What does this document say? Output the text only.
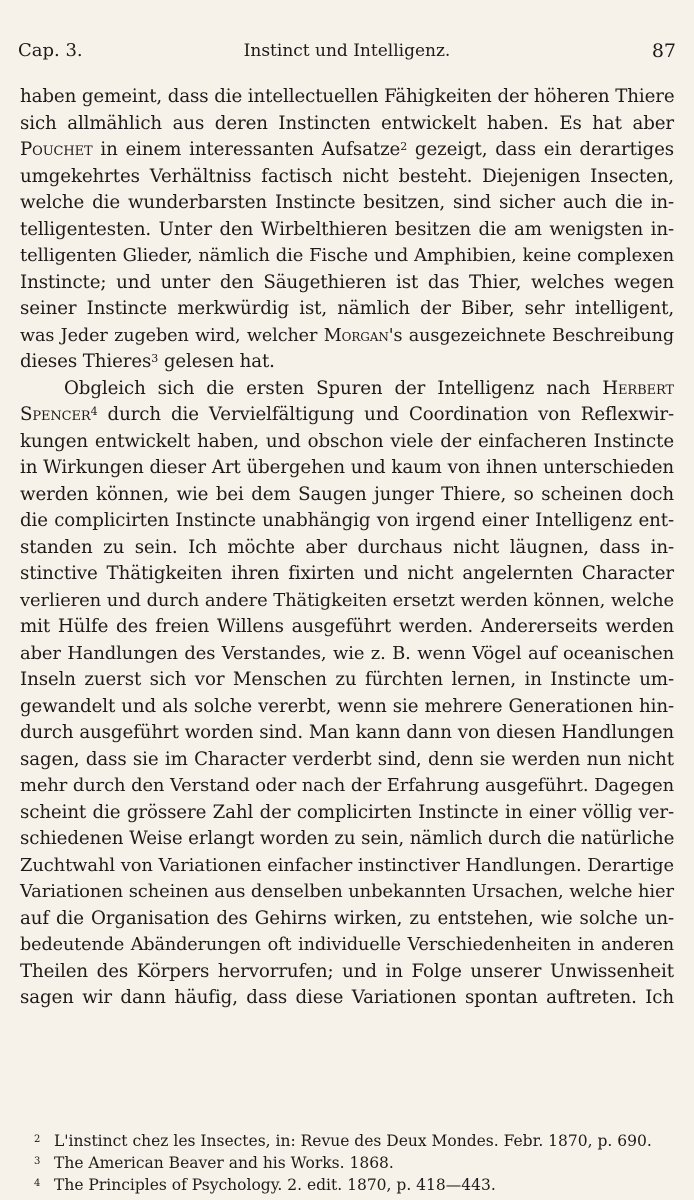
Cap. 3.	Instinct und Intelligenz.	87
haben gemeint, dass die intellectuellen Fähigkeiten der höheren Thiere
sich allmählich aus deren Instincten entwickelt haben. Es hat aber
Pouchet in einem interessanten Aufsatze$^2$ gezeigt, dass ein derartiges
umgekehrtes Verhältniss factisch nicht besteht. Diejenigen Insecten,
welche die wunderbarsten Instincte besitzen, sind sicher auch die in-
telligentesten. Unter den Wirbelthieren besitzen die am wenigsten in-
telligenten Glieder, nämlich die Fische und Amphibien, keine complexen
Instincte; und unter den Säugethieren ist das Thier, welches wegen
seiner Instincte merkwürdig ist, nämlich der Biber, sehr intelligent,
was Jeder zugeben wird, welcher Morgan's ausgezeichnete Beschreibung
dieses Thieres$^3$ gelesen hat.
Obgleich sich die ersten Spuren der Intelligenz nach Herbert
Spencer$^4$ durch die Vervielfältigung und Coordination von Reflexwir-
kungen entwickelt haben, und obschon viele der einfacheren Instincte
in Wirkungen dieser Art übergehen und kaum von ihnen unterschieden
werden können, wie bei dem Saugen junger Thiere, so scheinen doch
die complicirten Instincte unabhängig von irgend einer Intelligenz ent-
standen zu sein. Ich möchte aber durchaus nicht läugnen, dass in-
stinctive Thätigkeiten ihren fixirten und nicht angelernten Character
verlieren und durch andere Thätigkeiten ersetzt werden können, welche
mit Hülfe des freien Willens ausgeführt werden. Andererseits werden
aber Handlungen des Verstandes, wie z. B. wenn Vögel auf oceanischen
Inseln zuerst sich vor Menschen zu fürchten lernen, in Instincte um-
gewandelt und als solche vererbt, wenn sie mehrere Generationen hin-
durch ausgeführt worden sind. Man kann dann von diesen Handlungen
sagen, dass sie im Character verderbt sind, denn sie werden nun nicht
mehr durch den Verstand oder nach der Erfahrung ausgeführt. Dagegen
scheint die grössere Zahl der complicirten Instincte in einer völlig ver-
schiedenen Weise erlangt worden zu sein, nämlich durch die natürliche
Zuchtwahl von Variationen einfacher instinctiver Handlungen. Derartige
Variationen scheinen aus denselben unbekannten Ursachen, welche hier
auf die Organisation des Gehirns wirken, zu entstehen, wie solche un-
bedeutende Abänderungen oft individuelle Verschiedenheiten in anderen
Theilen des Körpers hervorrufen; und in Folge unserer Unwissenheit
sagen wir dann häufig, dass diese Variationen spontan auftreten. Ich
2 L'instinct chez les Insectes, in: Revue des Deux Mondes. Febr. 1870, p. 690.
3 The American Beaver and his Works. 1868.
4 The Principles of Psychology. 2. edit. 1870, p. 418—443.
